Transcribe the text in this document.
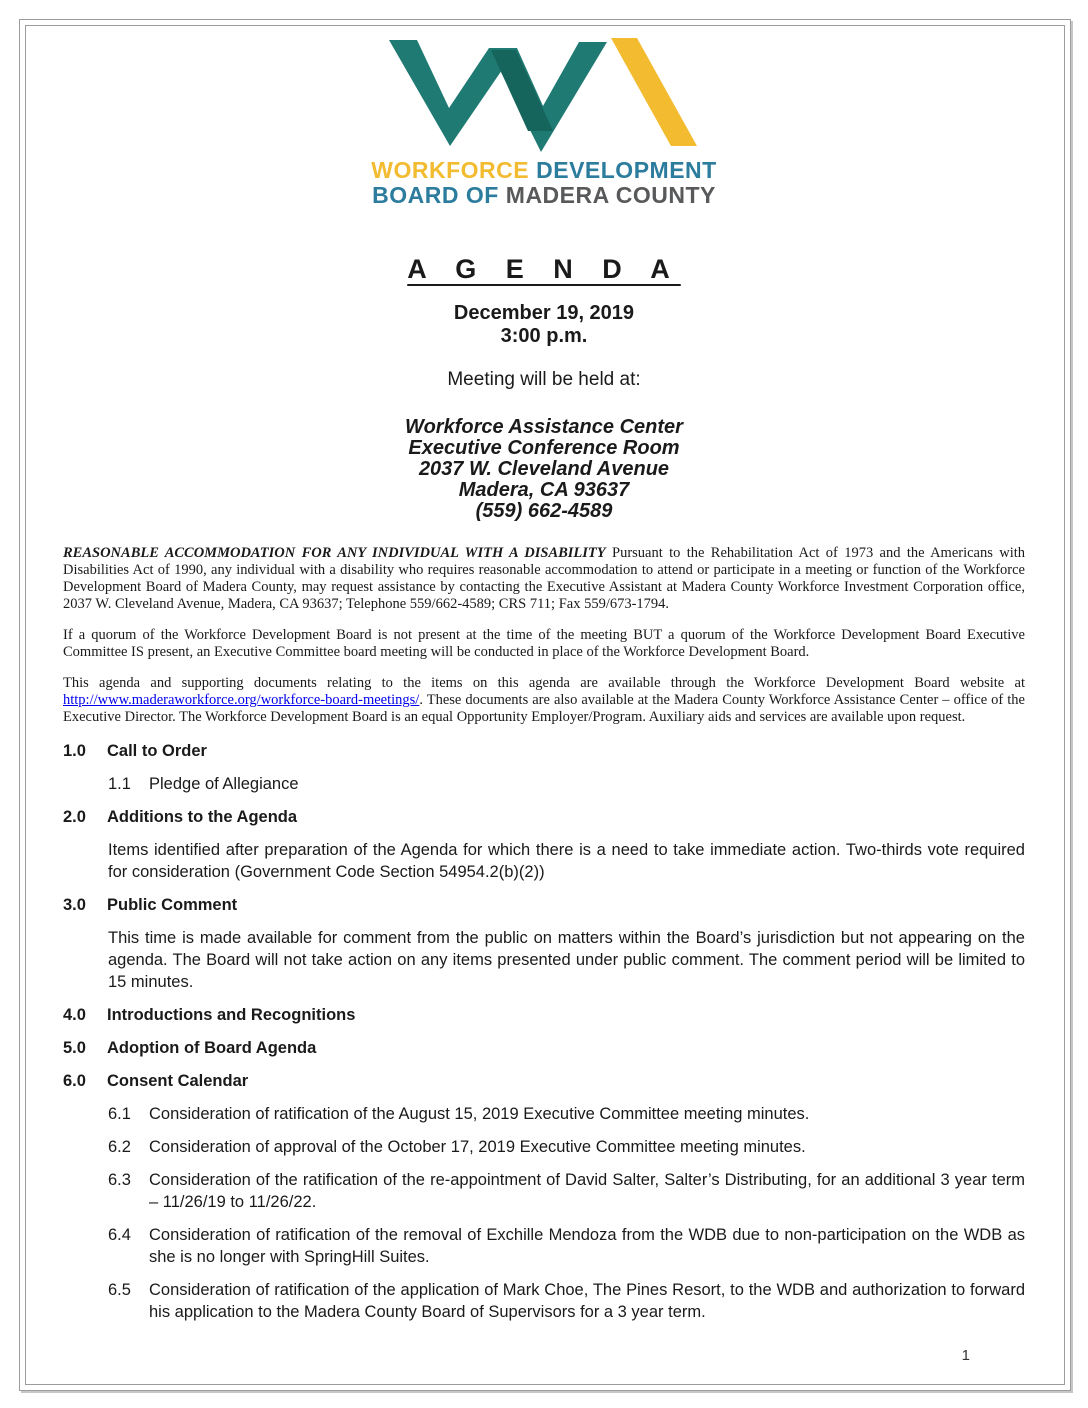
WORKFORCE DEVELOPMENT
BOARD OF MADERA COUNTY
A G E N D A
December 19, 2019
3:00 p.m.
Meeting will be held at:
Workforce Assistance Center
Executive Conference Room
2037 W. Cleveland Avenue
Madera, CA 93637
(559) 662-4589

REASONABLE ACCOMMODATION FOR ANY INDIVIDUAL WITH A DISABILITY Pursuant to the Rehabilitation Act of 1973 and the Americans with Disabilities Act of 1990, any individual with a disability who requires reasonable accommodation to attend or participate in a meeting or function of the Workforce Development Board of Madera County, may request assistance by contacting the Executive Assistant at Madera County Workforce Investment Corporation office, 2037 W. Cleveland Avenue, Madera, CA 93637; Telephone 559/662-4589; CRS 711; Fax 559/673-1794.

If a quorum of the Workforce Development Board is not present at the time of the meeting BUT a quorum of the Workforce Development Board Executive Committee IS present, an Executive Committee board meeting will be conducted in place of the Workforce Development Board.

This agenda and supporting documents relating to the items on this agenda are available through the Workforce Development Board website at http://www.maderaworkforce.org/workforce-board-meetings/. These documents are also available at the Madera County Workforce Assistance Center – office of the Executive Director. The Workforce Development Board is an equal Opportunity Employer/Program. Auxiliary aids and services are available upon request.

1.0	Call to Order
1.1	Pledge of Allegiance
2.0	Additions to the Agenda
Items identified after preparation of the Agenda for which there is a need to take immediate action. Two-thirds vote required for consideration (Government Code Section 54954.2(b)(2))
3.0	Public Comment
This time is made available for comment from the public on matters within the Board’s jurisdiction but not appearing on the agenda. The Board will not take action on any items presented under public comment. The comment period will be limited to 15 minutes.
4.0	Introductions and Recognitions
5.0	Adoption of Board Agenda
6.0	Consent Calendar
6.1	Consideration of ratification of the August 15, 2019 Executive Committee meeting minutes.
6.2	Consideration of approval of the October 17, 2019 Executive Committee meeting minutes.
6.3	Consideration of the ratification of the re-appointment of David Salter, Salter’s Distributing, for an additional 3 year term – 11/26/19 to 11/26/22.
6.4	Consideration of ratification of the removal of Exchille Mendoza from the WDB due to non-participation on the WDB as she is no longer with SpringHill Suites.
6.5	Consideration of ratification of the application of Mark Choe, The Pines Resort, to the WDB and authorization to forward his application to the Madera County Board of Supervisors for a 3 year term.
1
